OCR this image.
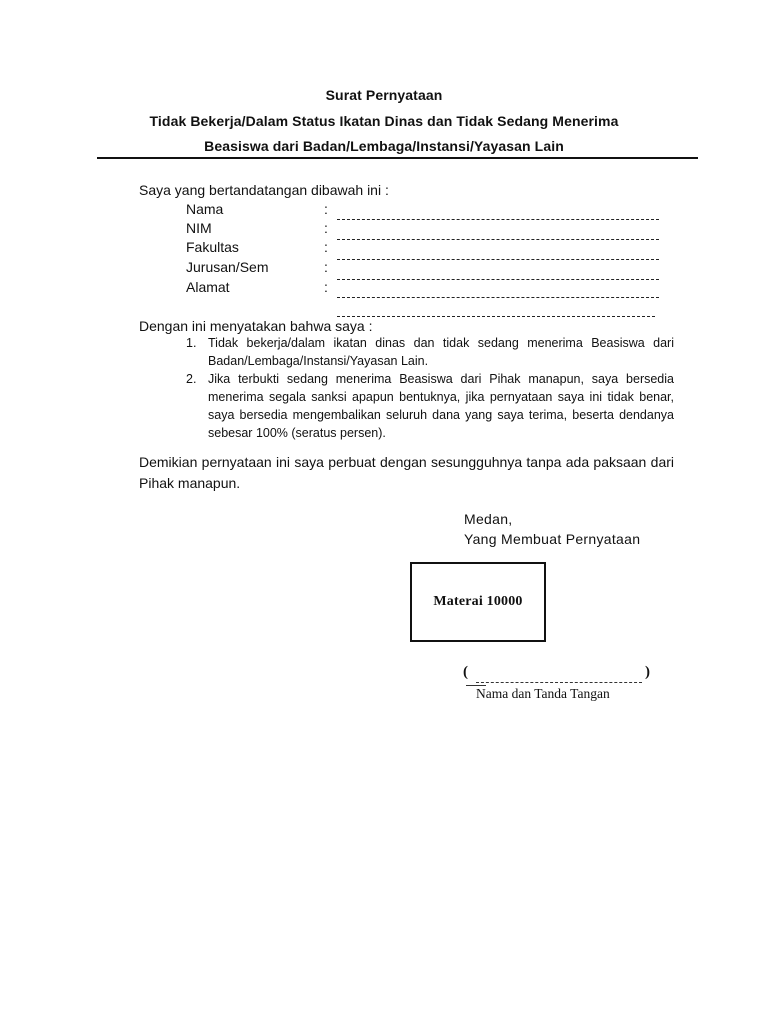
Surat Pernyataan
Tidak Bekerja/Dalam Status Ikatan Dinas dan Tidak Sedang Menerima
Beasiswa dari Badan/Lembaga/Instansi/Yayasan Lain
Saya yang bertandatangan dibawah ini :
Nama	:
NIM	:
Fakultas	:
Jurusan/Sem	:
Alamat	:
Dengan ini menyatakan bahwa saya :
1. Tidak bekerja/dalam ikatan dinas dan tidak sedang menerima Beasiswa dari Badan/Lembaga/Instansi/Yayasan Lain.
2. Jika terbukti sedang menerima Beasiswa dari Pihak manapun, saya bersedia menerima segala sanksi apapun bentuknya, jika pernyataan saya ini tidak benar, saya bersedia mengembalikan seluruh dana yang saya terima, beserta dendanya sebesar 100% (seratus persen).
Demikian pernyataan ini saya perbuat dengan sesungguhnya tanpa ada paksaan dari Pihak manapun.
Medan,
Yang Membuat Pernyataan
Materai 10000
(	)
Nama dan Tanda Tangan
